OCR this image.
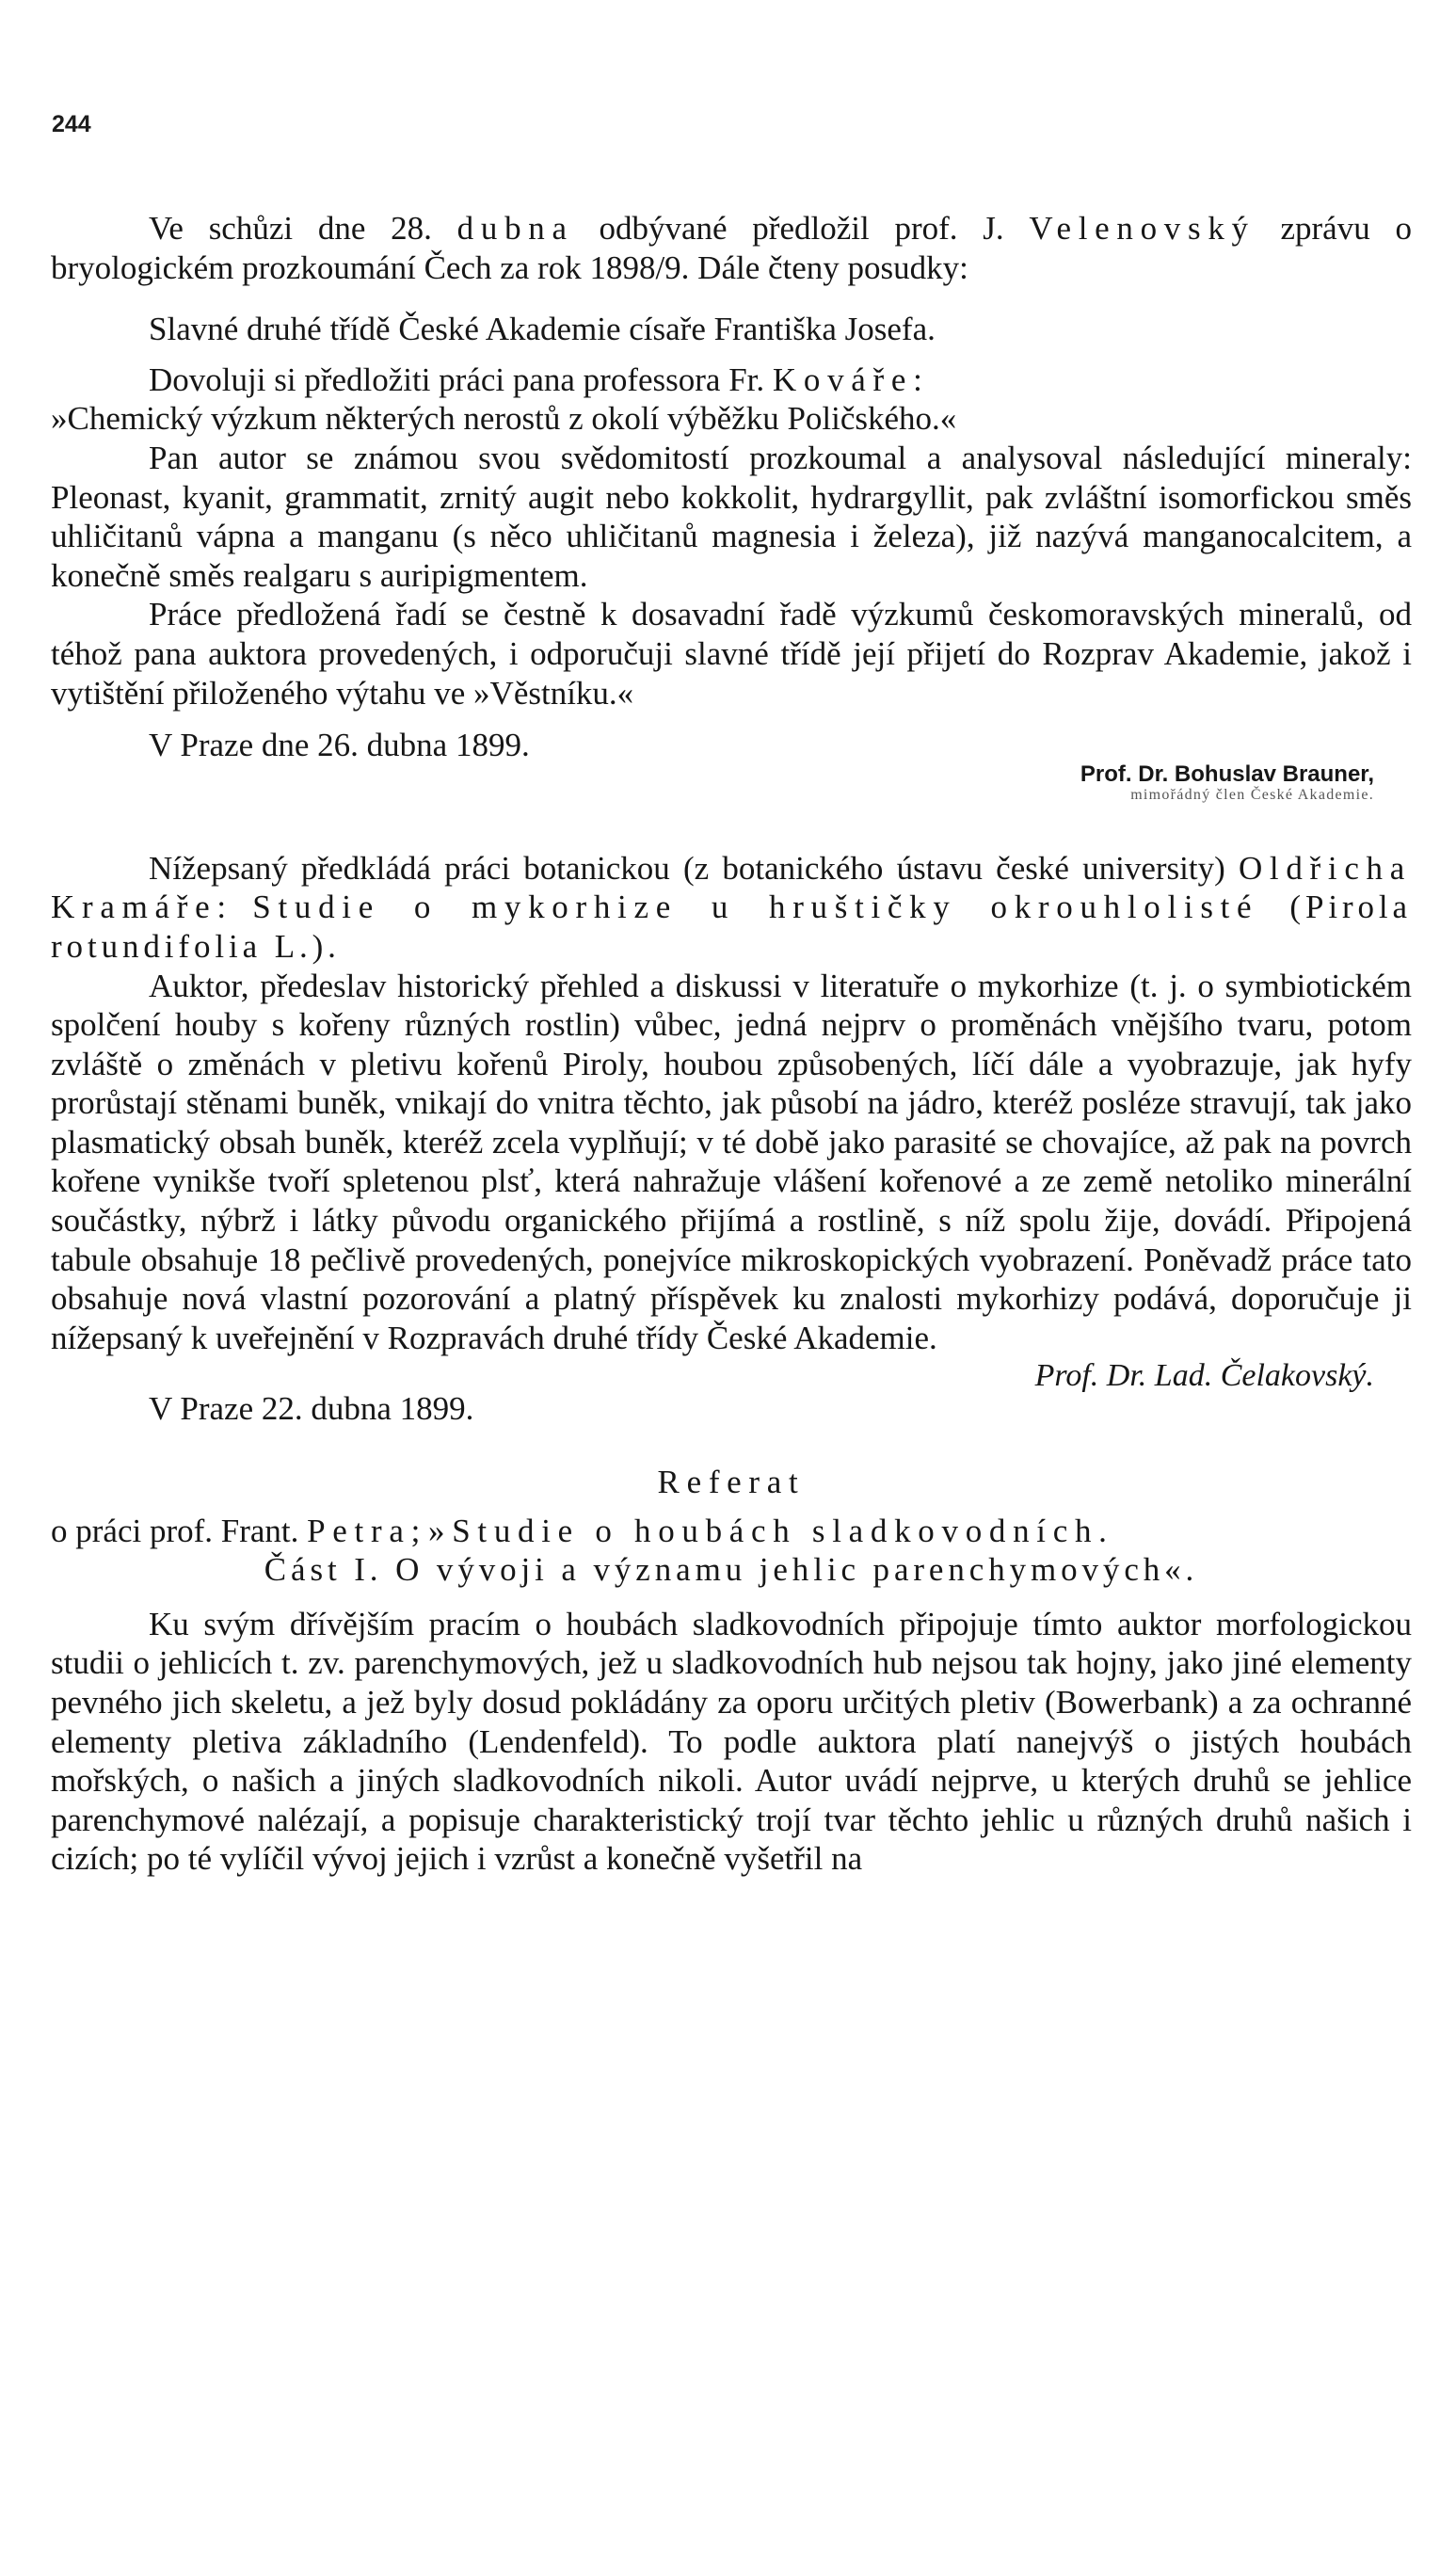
244

Ve schůzi dne 28. dubna odbývané předložil prof. J. Velenovský zprávu o bryologickém prozkoumání Čech za rok 1898/9. Dále čteny posudky:

Slavné druhé třídě České Akademie císaře Františka Josefa.

Dovoluji si předložiti práci pana professora Fr. Kováře:

»Chemický výzkum některých nerostů z okolí výběžku Poličského.«

Pan autor se známou svou svědomitostí prozkoumal a analysoval následující mineraly: Pleonast, kyanit, grammatit, zrnitý augit nebo kokkolit, hydrargyllit, pak zvláštní isomorfickou směs uhličitanů vápna a manganu (s něco uhličitanů magnesia i železa), již nazývá manganocalcitem, a konečně směs realgaru s auripigmentem.

Práce předložená řadí se čestně k dosavadní řadě výzkumů českomoravských mineralů, od téhož pana auktora provedených, i odporučuji slavné třídě její přijetí do Rozprav Akademie, jakož i vytištění přiloženého výtahu ve »Věstníku.«

V Praze dne 26. dubna 1899.

Prof. Dr. Bohuslav Brauner,
mimořádný člen České Akademie.

Nížepsaný předkládá práci botanickou (z botanického ústavu české university) Oldřicha Kramáře: Studie o mykorhize u hruštičky okrouhlolisté (Pirola rotundifolia L.).

Auktor, předeslav historický přehled a diskussi v literatuře o mykorhize (t. j. o symbiotickém spolčení houby s kořeny různých rostlin) vůbec, jedná nejprv o proměnách vnějšího tvaru, potom zvláště o změnách v pletivu kořenů Piroly, houbou způsobených, líčí dále a vyobrazuje, jak hyfy prorůstají stěnami buněk, vnikají do vnitra těchto, jak působí na jádro, kteréž posléze stravují, tak jako plasmatický obsah buněk, kteréž zcela vyplňují; v té době jako parasité se chovajíce, až pak na povrch kořene vynikše tvoří spletenou plsť, která nahražuje vlášení kořenové a ze země netoliko minerální součástky, nýbrž i látky původu organického přijímá a rostlině, s níž spolu žije, dovádí. Připojená tabule obsahuje 18 pečlivě provedených, ponejvíce mikroskopických vyobrazení. Poněvadž práce tato obsahuje nová vlastní pozorování a platný příspěvek ku znalosti mykorhizy podává, doporučuje ji nížepsaný k uveřejnění v Rozpravách druhé třídy České Akademie.

Prof. Dr. Lad. Čelakovský.

V Praze 22. dubna 1899.

Referat

o práci prof. Frant. Petra; »Studie o houbách sladkovodních.

Část I. O vývoji a významu jehlic parenchymových«.

Ku svým dřívějším pracím o houbách sladkovodních připojuje tímto auktor morfologickou studii o jehlicích t. zv. parenchymových, jež u sladkovodních hub nejsou tak hojny, jako jiné elementy pevného jich skeletu, a jež byly dosud pokládány za oporu určitých pletiv (Bowerbank) a za ochranné elementy pletiva základního (Lendenfeld). To podle auktora platí nanejvýš o jistých houbách mořských, o našich a jiných sladkovodních nikoli. Autor uvádí nejprve, u kterých druhů se jehlice parenchymové nalézají, a popisuje charakteristický trojí tvar těchto jehlic u různých druhů našich i cizích; po té vylíčil vývoj jejich i vzrůst a konečně vyšetřil na
